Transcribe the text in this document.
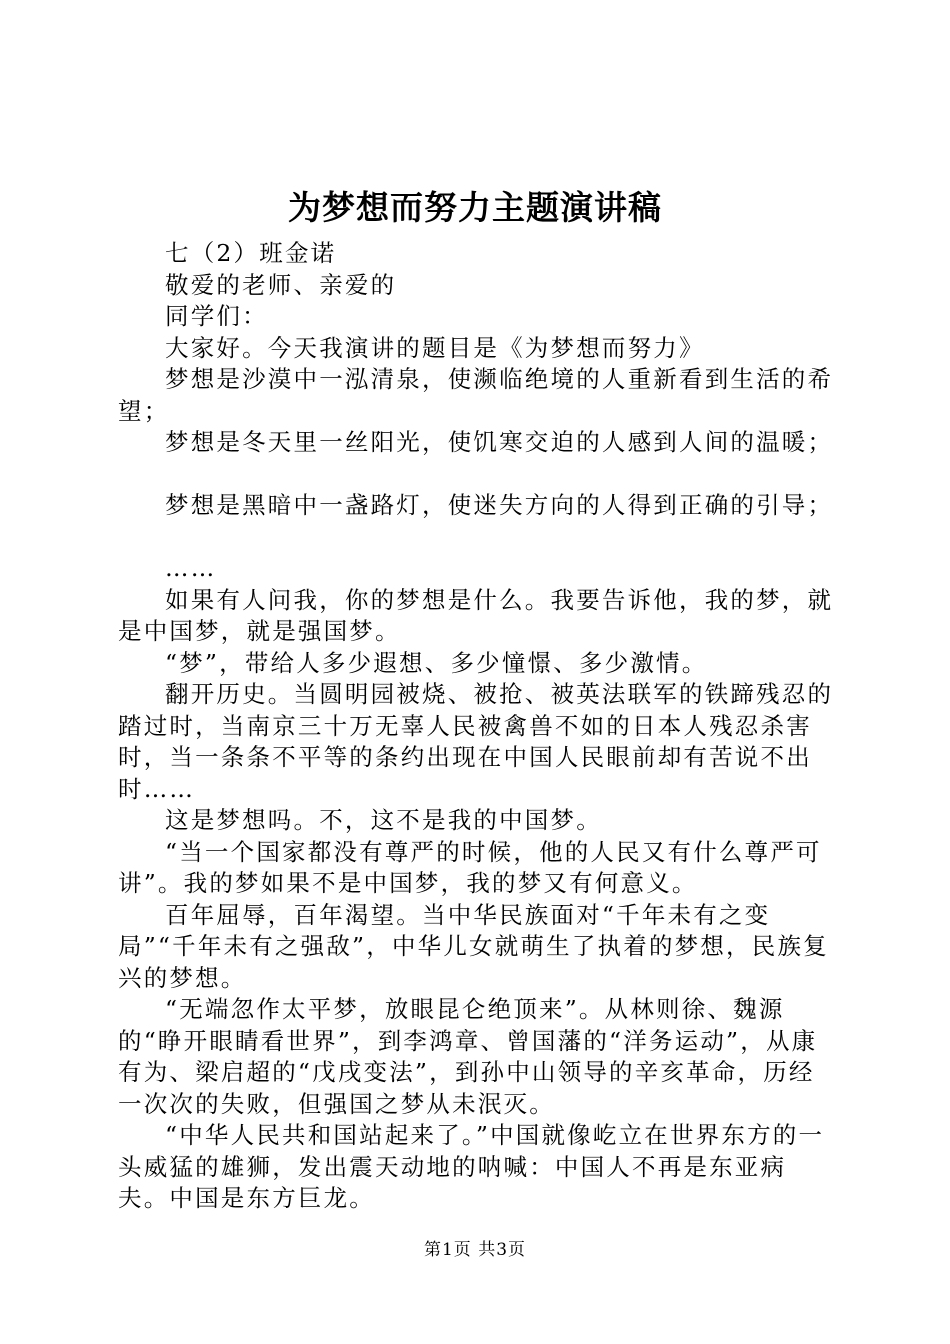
为梦想而努力主题演讲稿

七（2）班金诺

敬爱的老师、亲爱的

同学们：

大家好。今天我演讲的题目是《为梦想而努力》

梦想是沙漠中一泓清泉，使濒临绝境的人重新看到生活的希望；

梦想是冬天里一丝阳光，使饥寒交迫的人感到人间的温暖；

梦想是黑暗中一盏路灯，使迷失方向的人得到正确的引导；

……

如果有人问我，你的梦想是什么。我要告诉他，我的梦，就是中国梦，就是强国梦。

“梦”，带给人多少遐想、多少憧憬、多少激情。

翻开历史。当圆明园被烧、被抢、被英法联军的铁蹄残忍的踏过时，当南京三十万无辜人民被禽兽不如的日本人残忍杀害时，当一条条不平等的条约出现在中国人民眼前却有苦说不出时……

这是梦想吗。不，这不是我的中国梦。

“当一个国家都没有尊严的时候，他的人民又有什么尊严可讲”。我的梦如果不是中国梦，我的梦又有何意义。

百年屈辱，百年渴望。当中华民族面对“千年未有之变局”“千年未有之强敌”，中华儿女就萌生了执着的梦想，民族复兴的梦想。

“无端忽作太平梦，放眼昆仑绝顶来”。从林则徐、魏源的“睁开眼睛看世界”，到李鸿章、曾国藩的“洋务运动”，从康有为、梁启超的“戊戌变法”，到孙中山领导的辛亥革命，历经一次次的失败，但强国之梦从未泯灭。

“中华人民共和国站起来了。”中国就像屹立在世界东方的一头威猛的雄狮，发出震天动地的呐喊：中国人不再是东亚病夫。中国是东方巨龙。

第1页 共3页
